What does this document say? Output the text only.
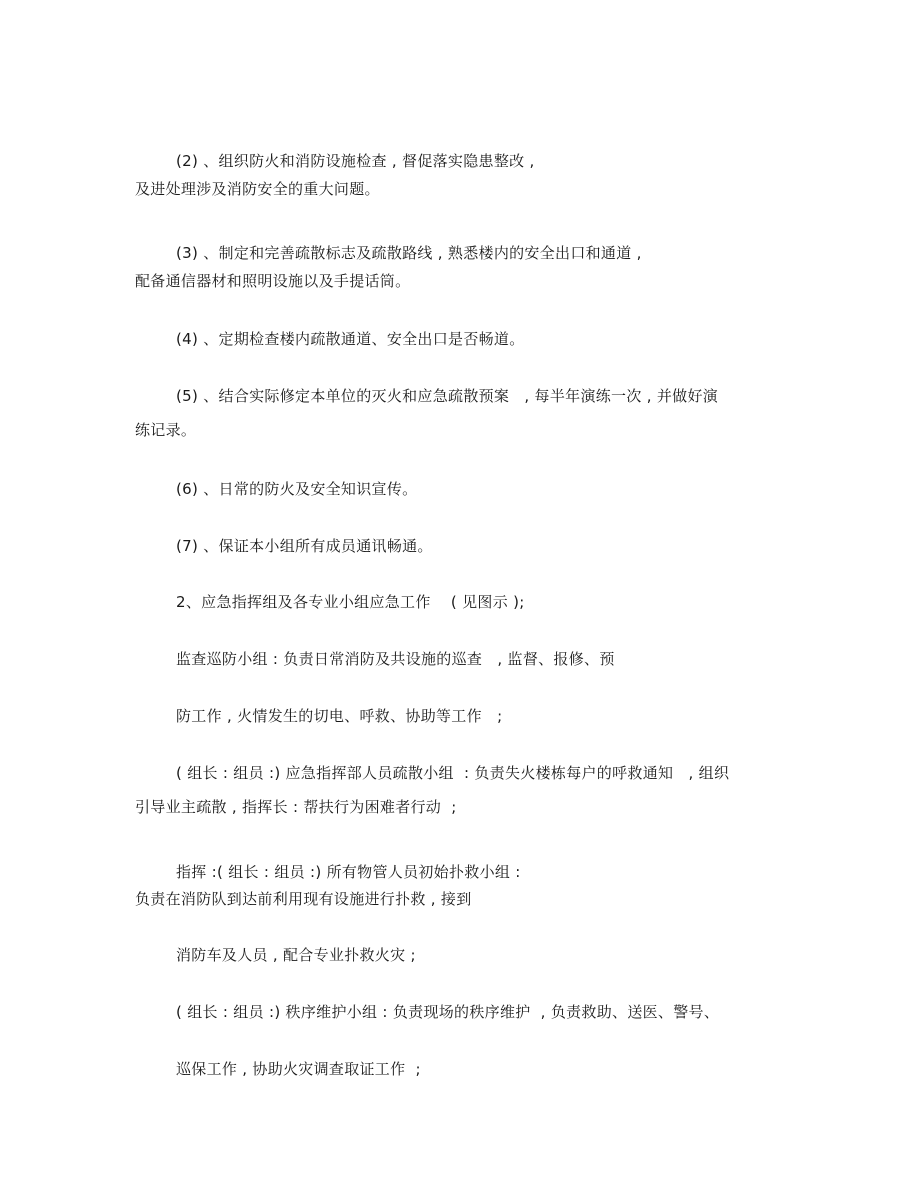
(2) 、组织防火和消防设施检查 , 督促落实隐患整改 ,
及进处理涉及消防安全的重大问题。
(3) 、制定和完善疏散标志及疏散路线 , 熟悉楼内的安全出口和通道 ,
配备通信器材和照明设施以及手提话筒。
(4) 、定期检查楼内疏散通道、安全出口是否畅道。
(5) 、结合实际修定本单位的灭火和应急疏散预案   , 每半年演练一次 , 并做好演
练记录。
(6) 、日常的防火及安全知识宣传。
(7) 、保证本小组所有成员通讯畅通。
2、应急指挥组及各专业小组应急工作    ( 见图示 );
监查巡防小组 : 负责日常消防及共设施的巡查   , 监督、报修、预
防工作 , 火情发生的切电、呼救、协助等工作   ;
( 组长 : 组员 :) 应急指挥部人员疏散小组  : 负责失火楼栋每户的呼救通知   , 组织
引导业主疏散 , 指挥长 : 帮扶行为困难者行动  ;
指挥 :( 组长 : 组员 :) 所有物管人员初始扑救小组 :
负责在消防队到达前利用现有设施进行扑救 , 接到
消防车及人员 , 配合专业扑救火灾 ;
( 组长 : 组员 :) 秩序维护小组 : 负责现场的秩序维护  , 负责救助、送医、警号、
巡保工作 , 协助火灾调查取证工作  ;
